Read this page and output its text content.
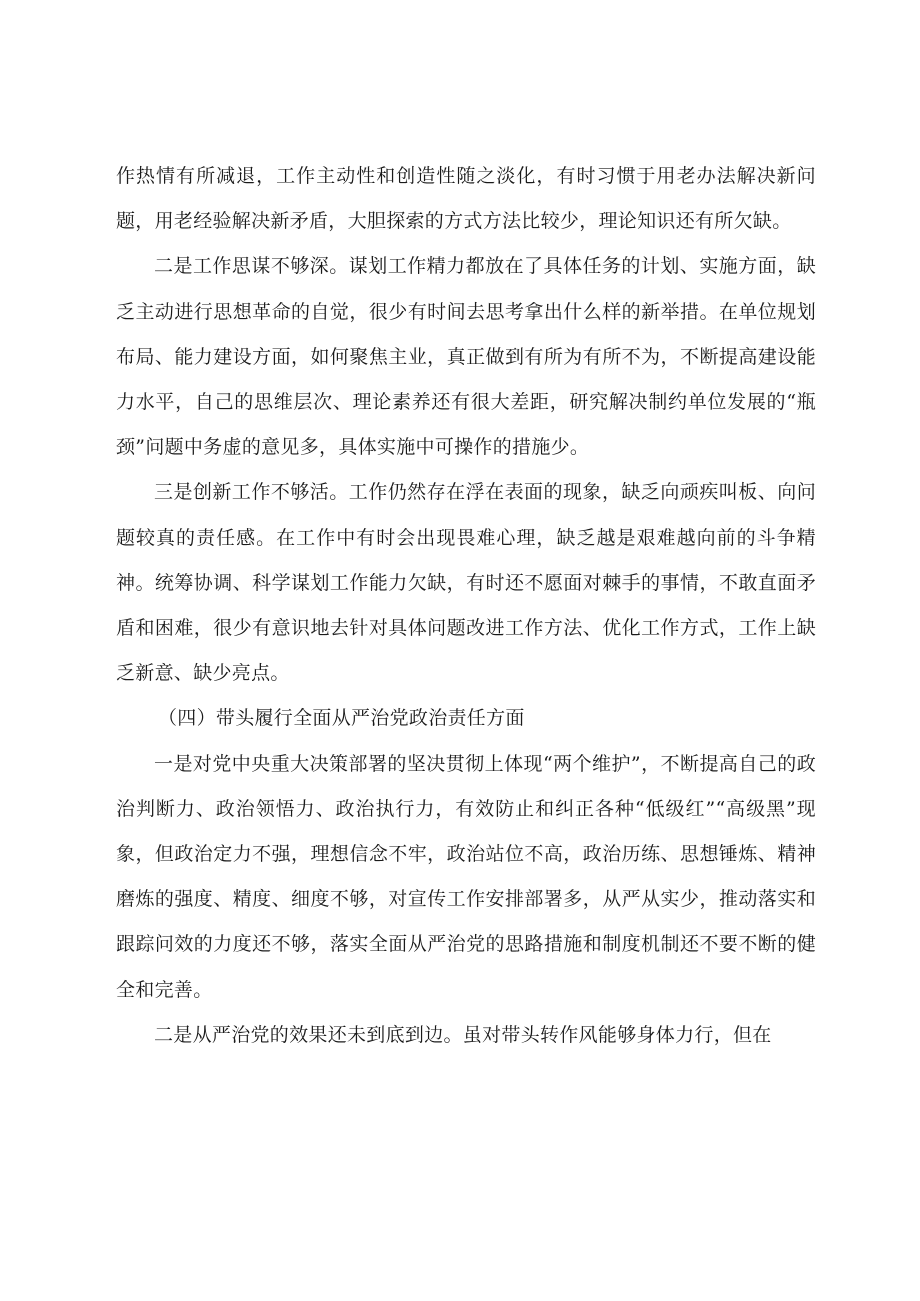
作热情有所减退，工作主动性和创造性随之淡化，有时习惯于用老办法解决新问题，用老经验解决新矛盾，大胆探索的方式方法比较少，理论知识还有所欠缺。

二是工作思谋不够深。谋划工作精力都放在了具体任务的计划、实施方面，缺乏主动进行思想革命的自觉，很少有时间去思考拿出什么样的新举措。在单位规划布局、能力建设方面，如何聚焦主业，真正做到有所为有所不为，不断提高建设能力水平，自己的思维层次、理论素养还有很大差距，研究解决制约单位发展的“瓶颈”问题中务虚的意见多，具体实施中可操作的措施少。

三是创新工作不够活。工作仍然存在浮在表面的现象，缺乏向顽疾叫板、向问题较真的责任感。在工作中有时会出现畏难心理，缺乏越是艰难越向前的斗争精神。统筹协调、科学谋划工作能力欠缺，有时还不愿面对棘手的事情，不敢直面矛盾和困难，很少有意识地去针对具体问题改进工作方法、优化工作方式，工作上缺乏新意、缺少亮点。

（四）带头履行全面从严治党政治责任方面

一是对党中央重大决策部署的坚决贯彻上体现“两个维护”，不断提高自己的政治判断力、政治领悟力、政治执行力，有效防止和纠正各种“低级红”“高级黑”现象，但政治定力不强，理想信念不牢，政治站位不高，政治历练、思想锤炼、精神磨炼的强度、精度、细度不够，对宣传工作安排部署多，从严从实少，推动落实和跟踪问效的力度还不够，落实全面从严治党的思路措施和制度机制还不要不断的健全和完善。

二是从严治党的效果还未到底到边。虽对带头转作风能够身体力行，但在
